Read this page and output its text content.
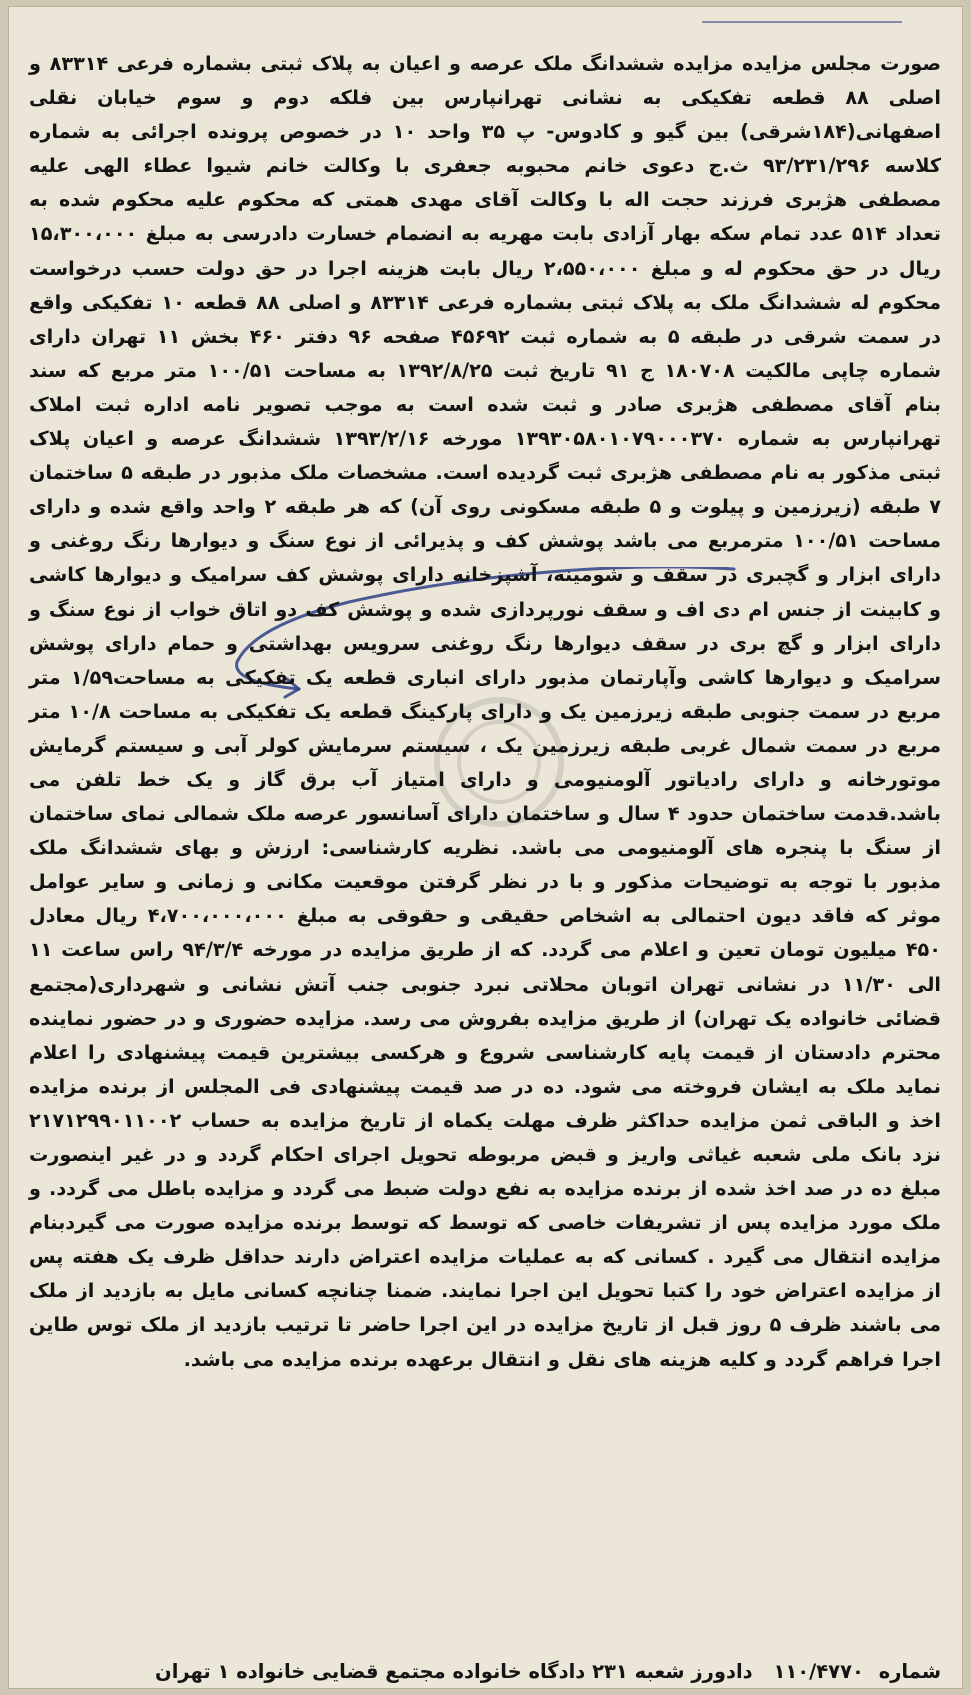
صورت مجلس مزایده مزایده ششدانگ ملک عرصه و اعیان به پلاک ثبتی بشماره فرعی ۸۳۳۱۴ و اصلی ۸۸ قطعه تفکیکی به نشانی تهرانپارس بین فلکه دوم و سوم خیابان نقلی اصفهانی(۱۸۴شرقی) بین گیو و کادوس- پ ۳۵ واحد ۱۰ در خصوص پرونده اجرائی به شماره کلاسه ۹۳/۲۳۱/۲۹۶ ث.ج دعوی خانم محبوبه جعفری با وکالت خانم شیوا عطاء الهی علیه مصطفی هژبری فرزند حجت اله با وکالت آقای مهدی همتی که محکوم علیه محکوم شده به تعداد ۵۱۴ عدد تمام سکه بهار آزادی بابت مهریه به انضمام خسارت دادرسی به مبلغ ۱۵،۳۰۰،۰۰۰ ریال در حق محکوم له و مبلغ ۲،۵۵۰،۰۰۰ ریال بابت هزینه اجرا در حق دولت حسب درخواست محکوم له ششدانگ ملک به پلاک ثبتی بشماره فرعی ۸۳۳۱۴ و اصلی ۸۸ قطعه ۱۰ تفکیکی واقع در سمت شرقی در طبقه ۵ به شماره ثبت ۴۵۶۹۲ صفحه ۹۶ دفتر ۴۶۰ بخش ۱۱ تهران دارای شماره چاپی مالکیت ۱۸۰۷۰۸ ج ۹۱ تاریخ ثبت ۱۳۹۲/۸/۲۵ به مساحت ۱۰۰/۵۱ متر مربع که سند بنام آقای مصطفی هژبری صادر و ثبت شده است به موجب تصویر نامه اداره ثبت املاک تهرانپارس به شماره ۱۳۹۳۰۵۸۰۱۰۷۹۰۰۰۳۷۰ مورخه ۱۳۹۳/۲/۱۶ ششدانگ عرصه و اعیان پلاک ثبتی مذکور به نام مصطفی هژبری ثبت گردیده است. مشخصات ملک مذبور در طبقه ۵ ساختمان ۷ طبقه (زیرزمین و پیلوت و ۵ طبقه مسکونی روی آن) که هر طبقه ۲ واحد واقع شده و دارای مساحت ۱۰۰/۵۱ مترمربع می باشد پوشش کف و پذیرائی از نوع سنگ و دیوارها رنگ روغنی و دارای ابزار و گچبری در سقف و شومینه، آشپزخانه دارای پوشش کف سرامیک و دیوارها کاشی و کابینت از جنس ام دی اف و سقف نورپردازی شده و پوشش کف دو اتاق خواب از نوع سنگ و دارای ابزار و گچ بری در سقف دیوارها رنگ روغنی سرویس بهداشتی و حمام دارای پوشش سرامیک و دیوارها کاشی وآپارتمان مذبور دارای انباری قطعه یک تفکیکی به مساحت۱/۵۹ متر مربع در سمت جنوبی طبقه زیرزمین یک و دارای پارکینگ قطعه یک تفکیکی به مساحت ۱۰/۸ متر مربع در سمت شمال غربی طبقه زیرزمین یک ، سیستم سرمایش کولر آبی و سیستم گرمایش موتورخانه و دارای رادیاتور آلومنیومی و دارای امتیاز آب برق گاز و یک خط تلفن می باشد.قدمت ساختمان حدود ۴ سال و ساختمان دارای آسانسور عرصه ملک شمالی نمای ساختمان از سنگ با پنجره های آلومنیومی می باشد. نظریه کارشناسی: ارزش و بهای ششدانگ ملک مذبور با توجه به توضیحات مذکور و با در نظر گرفتن موقعیت مکانی و زمانی و سایر عوامل موثر که فاقد دیون احتمالی به اشخاص حقیقی و حقوقی به مبلغ ۴،۷۰۰،۰۰۰،۰۰۰ ریال معادل ۴۵۰ میلیون تومان تعین و اعلام می گردد. که از طریق مزایده در مورخه ۹۴/۳/۴ راس ساعت ۱۱ الی ۱۱/۳۰ در نشانی تهران اتوبان محلاتی نبرد جنوبی جنب آتش نشانی و شهرداری(مجتمع قضائی خانواده یک تهران) از طریق مزایده بفروش می رسد. مزایده حضوری و در حضور نماینده محترم دادستان از قیمت پایه کارشناسی شروع و هرکسی بیشترین قیمت پیشنهادی را اعلام نماید ملک به ایشان فروخته می شود. ده در صد قیمت پیشنهادی فی المجلس از برنده مزایده اخذ و الباقی ثمن مزایده حداکثر ظرف مهلت یکماه از تاریخ مزایده به حساب ۲۱۷۱۲۹۹۰۱۱۰۰۲ نزد بانک ملی شعبه غیاثی واریز و قبض مربوطه تحویل اجرای احکام گردد و در غیر اینصورت مبلغ ده در صد اخذ شده از برنده مزایده به نفع دولت ضبط می گردد و مزایده باطل می گردد. و ملک مورد مزایده پس از تشریفات خاصی که توسط که توسط برنده مزایده صورت می گیردبنام مزایده انتقال می گیرد . کسانی که به عملیات مزایده اعتراض دارند حداقل ظرف یک هفته پس از مزایده اعتراض خود را کتبا تحویل این اجرا نمایند. ضمنا چنانچه کسانی مایل به بازدید از ملک می باشند ظرف ۵ روز قبل از تاریخ مزایده در این اجرا حاضر تا ترتیب بازدید از ملک توس طاین اجرا فراهم گردد و کلیه هزینه های نقل و انتقال برعهده برنده مزایده می باشد.
شماره ۱۱۰/۴۷۷۰ دادورز شعبه ۲۳۱ دادگاه خانواده مجتمع قضایی خانواده ۱ تهران
